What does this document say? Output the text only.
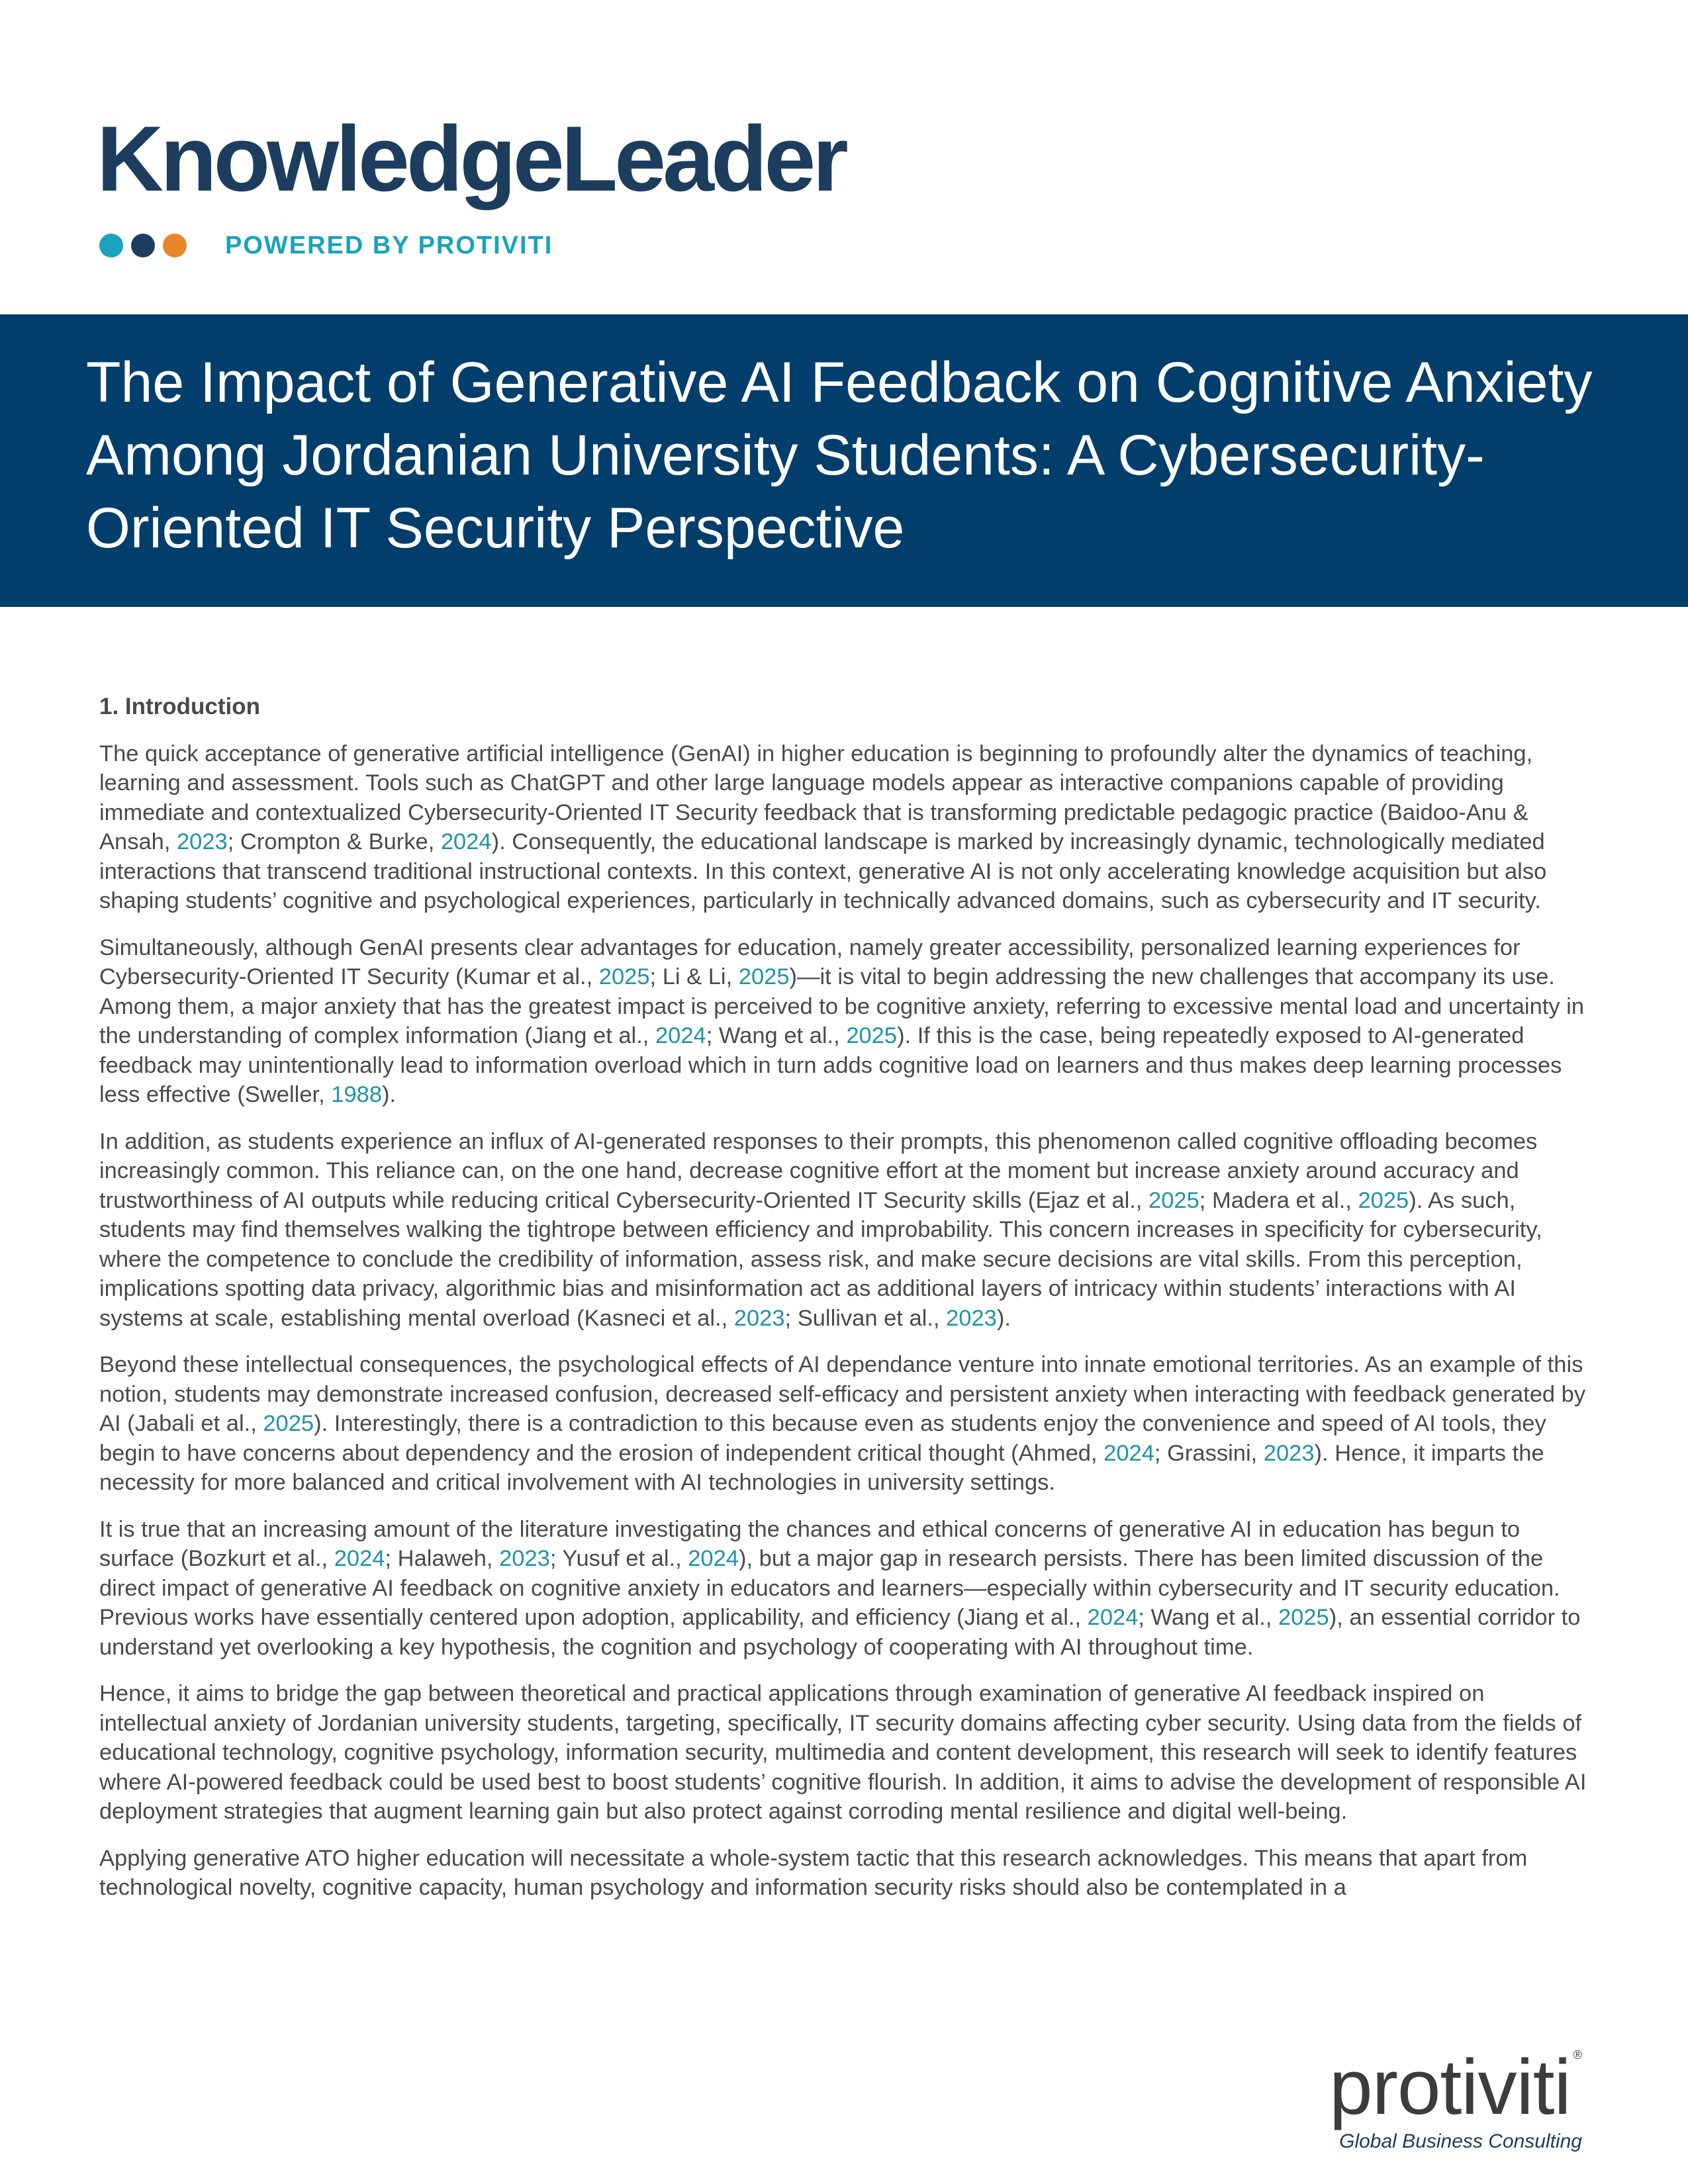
KnowledgeLeader
POWERED BY PROTIVITI
The Impact of Generative AI Feedback on Cognitive Anxiety Among Jordanian University Students: A Cybersecurity-Oriented IT Security Perspective
1. Introduction

The quick acceptance of generative artificial intelligence (GenAI) in higher education is beginning to profoundly alter the dynamics of teaching, learning and assessment. Tools such as ChatGPT and other large language models appear as interactive companions capable of providing immediate and contextualized Cybersecurity-Oriented IT Security feedback that is transforming predictable pedagogic practice (Baidoo-Anu & Ansah, 2023; Crompton & Burke, 2024). Consequently, the educational landscape is marked by increasingly dynamic, technologically mediated interactions that transcend traditional instructional contexts. In this context, generative AI is not only accelerating knowledge acquisition but also shaping students’ cognitive and psychological experiences, particularly in technically advanced domains, such as cybersecurity and IT security.

Simultaneously, although GenAI presents clear advantages for education, namely greater accessibility, personalized learning experiences for Cybersecurity-Oriented IT Security (Kumar et al., 2025; Li & Li, 2025)—it is vital to begin addressing the new challenges that accompany its use. Among them, a major anxiety that has the greatest impact is perceived to be cognitive anxiety, referring to excessive mental load and uncertainty in the understanding of complex information (Jiang et al., 2024; Wang et al., 2025). If this is the case, being repeatedly exposed to AI-generated feedback may unintentionally lead to information overload which in turn adds cognitive load on learners and thus makes deep learning processes less effective (Sweller, 1988).

In addition, as students experience an influx of AI-generated responses to their prompts, this phenomenon called cognitive offloading becomes increasingly common. This reliance can, on the one hand, decrease cognitive effort at the moment but increase anxiety around accuracy and trustworthiness of AI outputs while reducing critical Cybersecurity-Oriented IT Security skills (Ejaz et al., 2025; Madera et al., 2025). As such, students may find themselves walking the tightrope between efficiency and improbability. This concern increases in specificity for cybersecurity, where the competence to conclude the credibility of information, assess risk, and make secure decisions are vital skills. From this perception, implications spotting data privacy, algorithmic bias and misinformation act as additional layers of intricacy within students’ interactions with AI systems at scale, establishing mental overload (Kasneci et al., 2023; Sullivan et al., 2023).

Beyond these intellectual consequences, the psychological effects of AI dependance venture into innate emotional territories. As an example of this notion, students may demonstrate increased confusion, decreased self-efficacy and persistent anxiety when interacting with feedback generated by AI (Jabali et al., 2025). Interestingly, there is a contradiction to this because even as students enjoy the convenience and speed of AI tools, they begin to have concerns about dependency and the erosion of independent critical thought (Ahmed, 2024; Grassini, 2023). Hence, it imparts the necessity for more balanced and critical involvement with AI technologies in university settings.

It is true that an increasing amount of the literature investigating the chances and ethical concerns of generative AI in education has begun to surface (Bozkurt et al., 2024; Halaweh, 2023; Yusuf et al., 2024), but a major gap in research persists. There has been limited discussion of the direct impact of generative AI feedback on cognitive anxiety in educators and learners—especially within cybersecurity and IT security education. Previous works have essentially centered upon adoption, applicability, and efficiency (Jiang et al., 2024; Wang et al., 2025), an essential corridor to understand yet overlooking a key hypothesis, the cognition and psychology of cooperating with AI throughout time.

Hence, it aims to bridge the gap between theoretical and practical applications through examination of generative AI feedback inspired on intellectual anxiety of Jordanian university students, targeting, specifically, IT security domains affecting cyber security. Using data from the fields of educational technology, cognitive psychology, information security, multimedia and content development, this research will seek to identify features where AI-powered feedback could be used best to boost students’ cognitive flourish. In addition, it aims to advise the development of responsible AI deployment strategies that augment learning gain but also protect against corroding mental resilience and digital well-being.

Applying generative ATO higher education will necessitate a whole-system tactic that this research acknowledges. This means that apart from technological novelty, cognitive capacity, human psychology and information security risks should also be contemplated in a

protiviti ®
Global Business Consulting
